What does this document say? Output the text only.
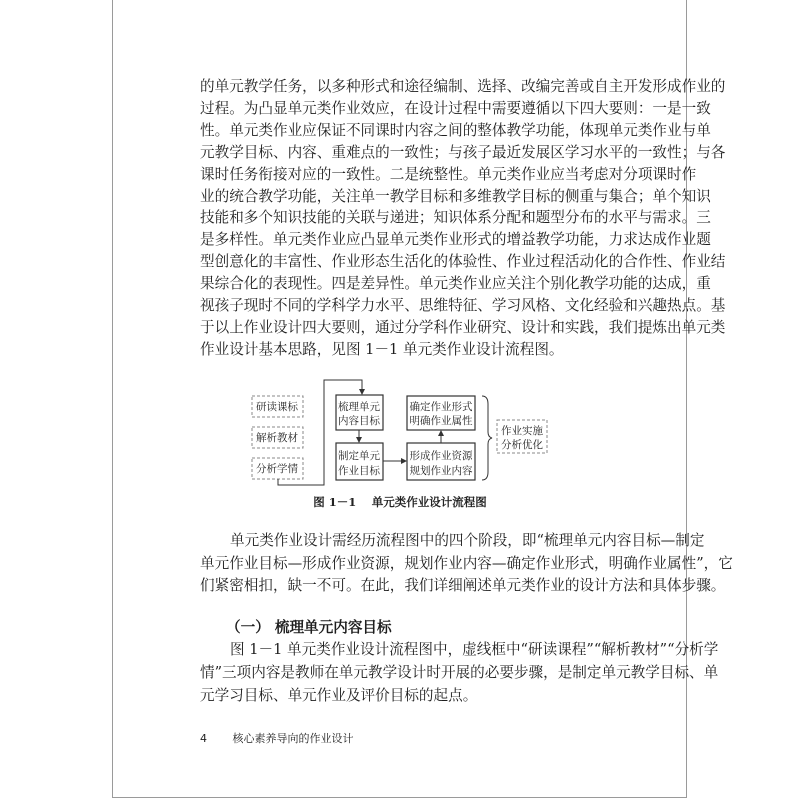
的单元教学任务，以多种形式和途径编制、选择、改编完善或自主开发形成作业的
过程。为凸显单元类作业效应，在设计过程中需要遵循以下四大要则：一是一致
性。单元类作业应保证不同课时内容之间的整体教学功能，体现单元类作业与单
元教学目标、内容、重难点的一致性；与孩子最近发展区学习水平的一致性；与各
课时任务衔接对应的一致性。二是统整性。单元类作业应当考虑对分项课时作
业的统合教学功能，关注单一教学目标和多维教学目标的侧重与集合；单个知识
技能和多个知识技能的关联与递进；知识体系分配和题型分布的水平与需求。三
是多样性。单元类作业应凸显单元类作业形式的增益教学功能，力求达成作业题
型创意化的丰富性、作业形态生活化的体验性、作业过程活动化的合作性、作业结
果综合化的表现性。四是差异性。单元类作业应关注个别化教学功能的达成，重
视孩子现时不同的学科学力水平、思维特征、学习风格、文化经验和兴趣热点。基
于以上作业设计四大要则，通过分学科作业研究、设计和实践，我们提炼出单元类
作业设计基本思路，见图 1－1 单元类作业设计流程图。
研读课标
解析教材
分析学情
梳理单元
内容目标
制定单元
作业目标
确定作业形式
明确作业属性
形成作业资源
规划作业内容
作业实施
分析优化
图 1－1　 单元类作业设计流程图
单元类作业设计需经历流程图中的四个阶段，即“梳理单元内容目标—制定
单元作业目标—形成作业资源，规划作业内容—确定作业形式，明确作业属性”，它
们紧密相扣，缺一不可。在此，我们详细阐述单元类作业的设计方法和具体步骤。
（一） 梳理单元内容目标
图 1－1 单元类作业设计流程图中，虚线框中“研读课程”“解析教材”“分析学
情”三项内容是教师在单元教学设计时开展的必要步骤，是制定单元教学目标、单
元学习目标、单元作业及评价目标的起点。
4 核心素养导向的作业设计
